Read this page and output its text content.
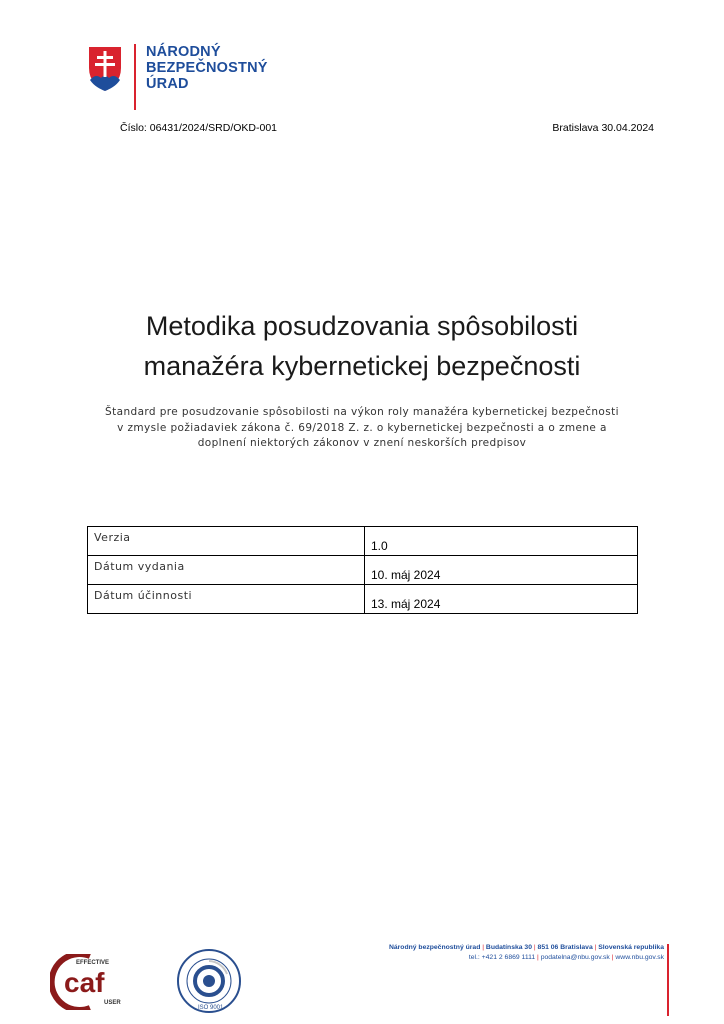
NÁRODNÝ
BEZPEČNOSTNÝ
ÚRAD
Číslo: 06431/2024/SRD/OKD-001	Bratislava 30.04.2024
Metodika posudzovania spôsobilosti
manažéra kybernetickej bezpečnosti
Štandard pre posudzovanie spôsobilosti na výkon roly manažéra kybernetickej bezpečnosti
v zmysle požiadaviek zákona č. 69/2018 Z. z. o kybernetickej bezpečnosti a o zmene a
doplnení niektorých zákonov v znení neskorších predpisov
Verzia	1.0
Dátum vydania	10. máj 2024
Dátum účinnosti	13. máj 2024
EFFECTIVE
caf
USER
ISO 9001
Národný bezpečnostný úrad | Budatínska 30 | 851 06 Bratislava | Slovenská republika
tel.: +421 2 6869 1111 | podatelna@nbu.gov.sk | www.nbu.gov.sk
